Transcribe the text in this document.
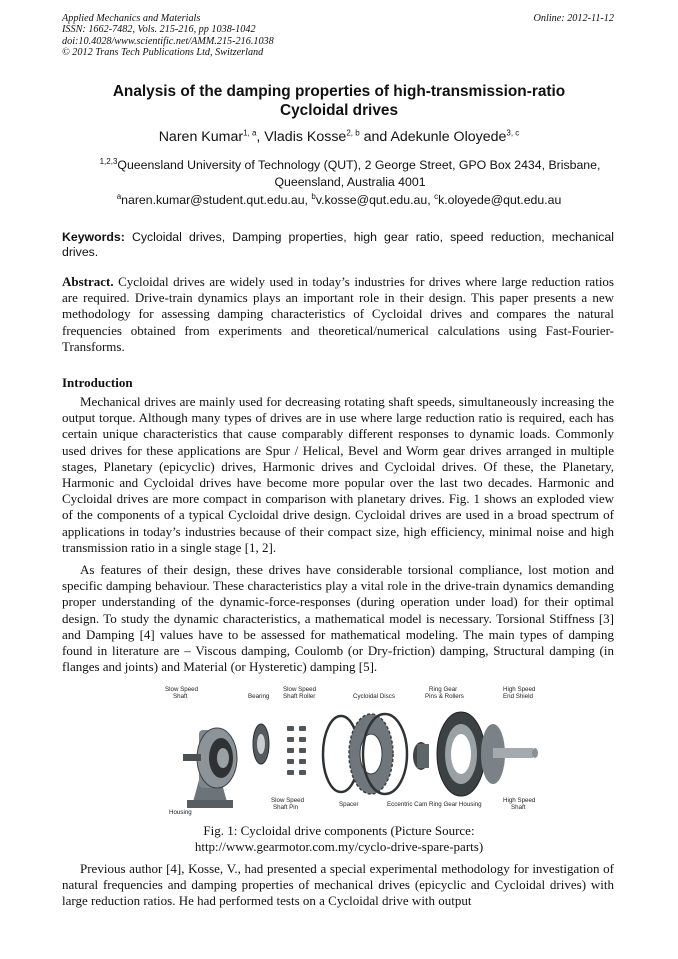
Applied Mechanics and Materials
ISSN: 1662-7482, Vols. 215-216, pp 1038-1042
doi:10.4028/www.scientific.net/AMM.215-216.1038
© 2012 Trans Tech Publications Ltd, Switzerland
Online: 2012-11-12
Analysis of the damping properties of high-transmission-ratio
Cycloidal drives
Naren Kumar$^{1, a}$, Vladis Kosse$^{2, b}$ and Adekunle Oloyede$^{3, c}$
$^{1,2,3}$Queensland University of Technology (QUT), 2 George Street, GPO Box 2434, Brisbane, Queensland, Australia 4001
$^a$naren.kumar@student.qut.edu.au, $^b$v.kosse@qut.edu.au, $^c$k.oloyede@qut.edu.au
Keywords: Cycloidal drives, Damping properties, high gear ratio, speed reduction, mechanical drives.
Abstract. Cycloidal drives are widely used in today’s industries for drives where large reduction ratios are required. Drive-train dynamics plays an important role in their design. This paper presents a new methodology for assessing damping characteristics of Cycloidal drives and compares the natural frequencies obtained from experiments and theoretical/numerical calculations using Fast-Fourier-Transforms.
Introduction

Mechanical drives are mainly used for decreasing rotating shaft speeds, simultaneously increasing the output torque. Although many types of drives are in use where large reduction ratio is required, each has certain unique characteristics that cause comparably different responses to dynamic loads. Commonly used drives for these applications are Spur / Helical, Bevel and Worm gear drives arranged in multiple stages, Planetary (epicyclic) drives, Harmonic drives and Cycloidal drives. Of these, the Planetary, Harmonic and Cycloidal drives have become more popular over the last two decades. Harmonic and Cycloidal drives are more compact in comparison with planetary drives. Fig. 1 shows an exploded view of the components of a typical Cycloidal drive design. Cycloidal drives are used in a broad spectrum of applications in today’s industries because of their compact size, high efficiency, minimal noise and high transmission ratio in a single stage [1, 2].

As features of their design, these drives have considerable torsional compliance, lost motion and specific damping behaviour. These characteristics play a vital role in the drive-train dynamics demanding proper understanding of the dynamic-force-responses (during operation under load) for their optimal design. To study the dynamic characteristics, a mathematical model is necessary. Torsional Stiffness [3] and Damping [4] values have to be assessed for mathematical modeling. The main types of damping found in literature are – Viscous damping, Coulomb (or Dry-friction) damping, Structural damping (in flanges and joints) and Material (or Hysteretic) damping [5].

Slow Speed Shaft	Bearing
Slow Speed Shaft Roller	Cycloidal Discs
Ring Gear Pins & Rollers
High Speed End Shield
Housing
Slow Speed Shaft Pin	Spacer	Eccentric Cam Ring Gear Housing
High Speed Shaft
Fig. 1: Cycloidal drive components (Picture Source:
http://www.gearmotor.com.my/cyclo-drive-spare-parts)

Previous author [4], Kosse, V., had presented a special experimental methodology for investigation of natural frequencies and damping properties of mechanical drives (epicyclic and Cycloidal drives) with large reduction ratios. He had performed tests on a Cycloidal drive with output
